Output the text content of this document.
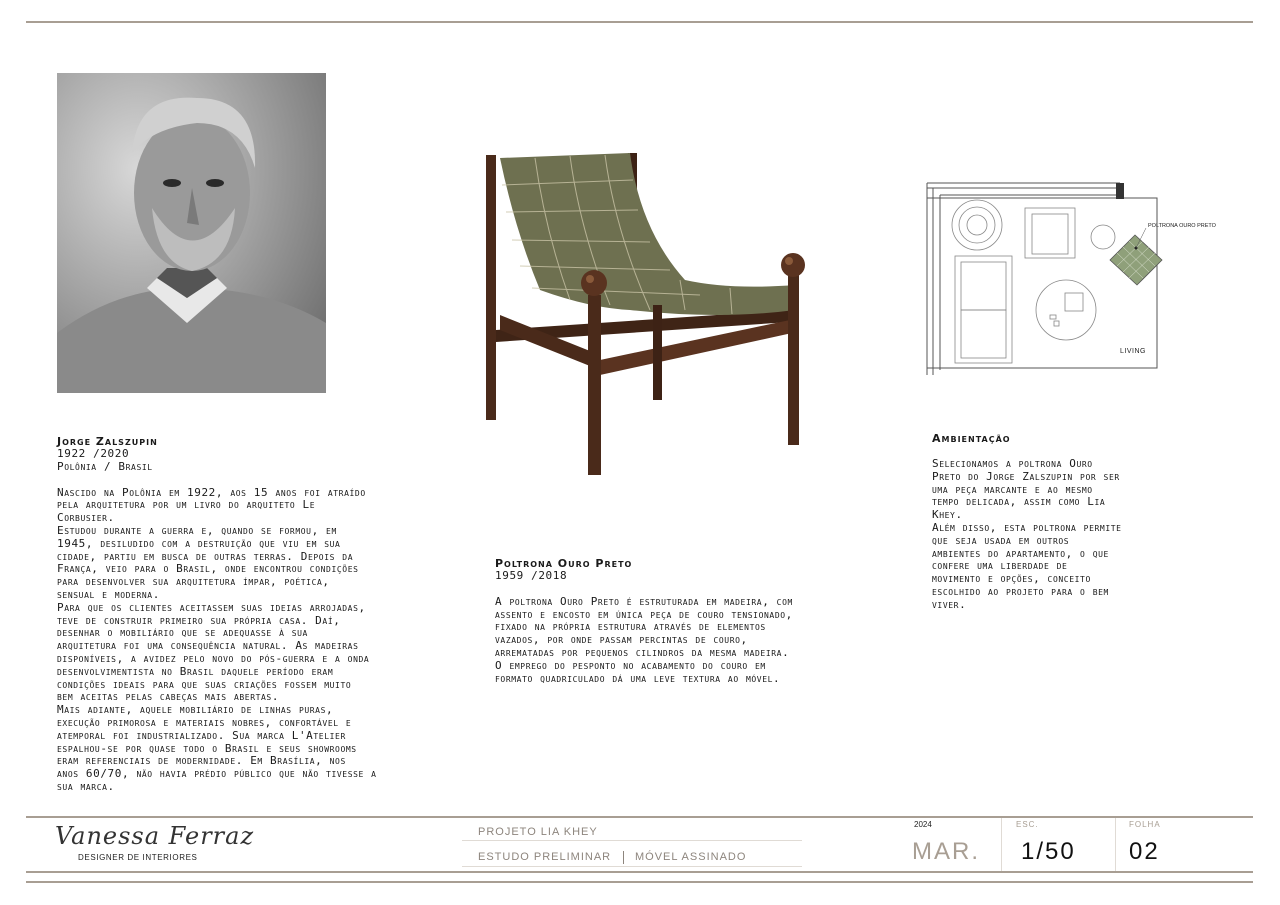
Jorge Zalszupin
1922 /2020
Polônia / Brasil

Nascido na Polônia em 1922, aos 15 anos foi atraído
pela arquitetura por um livro do arquiteto Le
Corbusier.
Estudou durante a guerra e, quando se formou, em
1945, desiludido com a destruição que viu em sua
cidade, partiu em busca de outras terras. Depois da
França, veio para o Brasil, onde encontrou condições
para desenvolver sua arquitetura ímpar, poética,
sensual e moderna.
Para que os clientes aceitassem suas ideias arrojadas,
teve de construir primeiro sua própria casa. Daí,
desenhar o mobiliário que se adequasse à sua
arquitetura foi uma consequência natural. As madeiras
disponíveis, a avidez pelo novo do pós-guerra e a onda
desenvolvimentista no Brasil daquele período eram
condições ideais para que suas criações fossem muito
bem aceitas pelas cabeças mais abertas.
Mais adiante, aquele mobiliário de linhas puras,
execução primorosa e materiais nobres, confortável e
atemporal foi industrializado. Sua marca L'Atelier
espalhou-se por quase todo o Brasil e seus showrooms
eram referenciais de modernidade. Em Brasília, nos
anos 60/70, não havia prédio público que não tivesse a
sua marca.

Poltrona Ouro Preto
1959 /2018

A poltrona Ouro Preto é estruturada em madeira, com
assento e encosto em única peça de couro tensionado,
fixado na própria estrutura através de elementos
vazados, por onde passam percintas de couro,
arrematadas por pequenos cilindros da mesma madeira.
O emprego do pesponto no acabamento do couro em
formato quadriculado dá uma leve textura ao móvel.

POLTRONA OURO PRETO
LIVING
Ambientação

Selecionamos a poltrona Ouro
Preto do Jorge Zalszupin por ser
uma peça marcante e ao mesmo
tempo delicada, assim como Lia
Khey.
Além disso, esta poltrona permite
que seja usada em outros
ambientes do apartamento, o que
confere uma liberdade de
movimento e opções, conceito
escolhido ao projeto para o bem
viver.

Vanessa Ferraz
DESIGNER DE INTERIORES
PROJETO LIA KHEY
ESTUDO PRELIMINAR MÓVEL ASSINADO
2024
MAR.
ESC.
1/50
FOLHA
02
